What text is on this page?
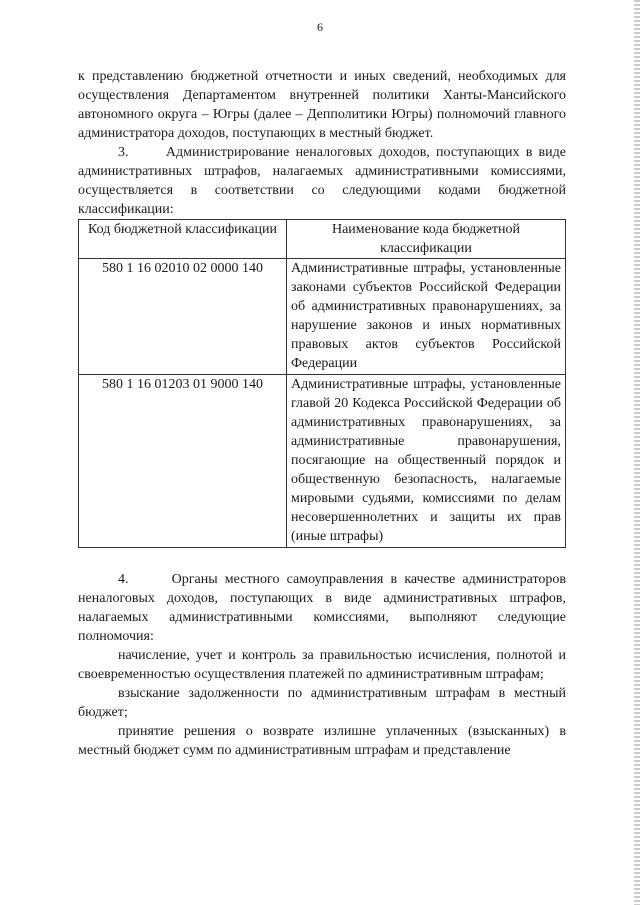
6

к представлению бюджетной отчетности и иных сведений, необходимых для осуществления Департаментом внутренней политики Ханты-Мансийского автономного округа – Югры (далее – Депполитики Югры) полномочий главного администратора доходов, поступающих в местный бюджет.

3.      Администрирование неналоговых доходов, поступающих в виде административных штрафов, налагаемых административными комиссиями, осуществляется в соответствии со следующими кодами бюджетной классификации:

Код бюджетной классификации	Наименование кода бюджетной классификации
580 1 16 02010 02 0000 140	Административные штрафы, установленные законами субъектов Российской Федерации об административных правонарушениях, за нарушение законов и иных нормативных правовых актов субъектов Российской Федерации
580 1 16 01203 01 9000 140	Административные штрафы, установленные главой 20 Кодекса Российской Федерации об административных правонарушениях, за административные правонарушения, посягающие на общественный порядок и общественную безопасность, налагаемые мировыми судьями, комиссиями по делам несовершеннолетних и защиты их прав (иные штрафы)

4.      Органы местного самоуправления в качестве администраторов неналоговых доходов, поступающих в виде административных штрафов, налагаемых административными комиссиями, выполняют следующие полномочия:

начисление, учет и контроль за правильностью исчисления, полнотой и своевременностью осуществления платежей по административным штрафам;

взыскание задолженности по административным штрафам в местный бюджет;

принятие решения о возврате излишне уплаченных (взысканных) в местный бюджет сумм по административным штрафам и представление
